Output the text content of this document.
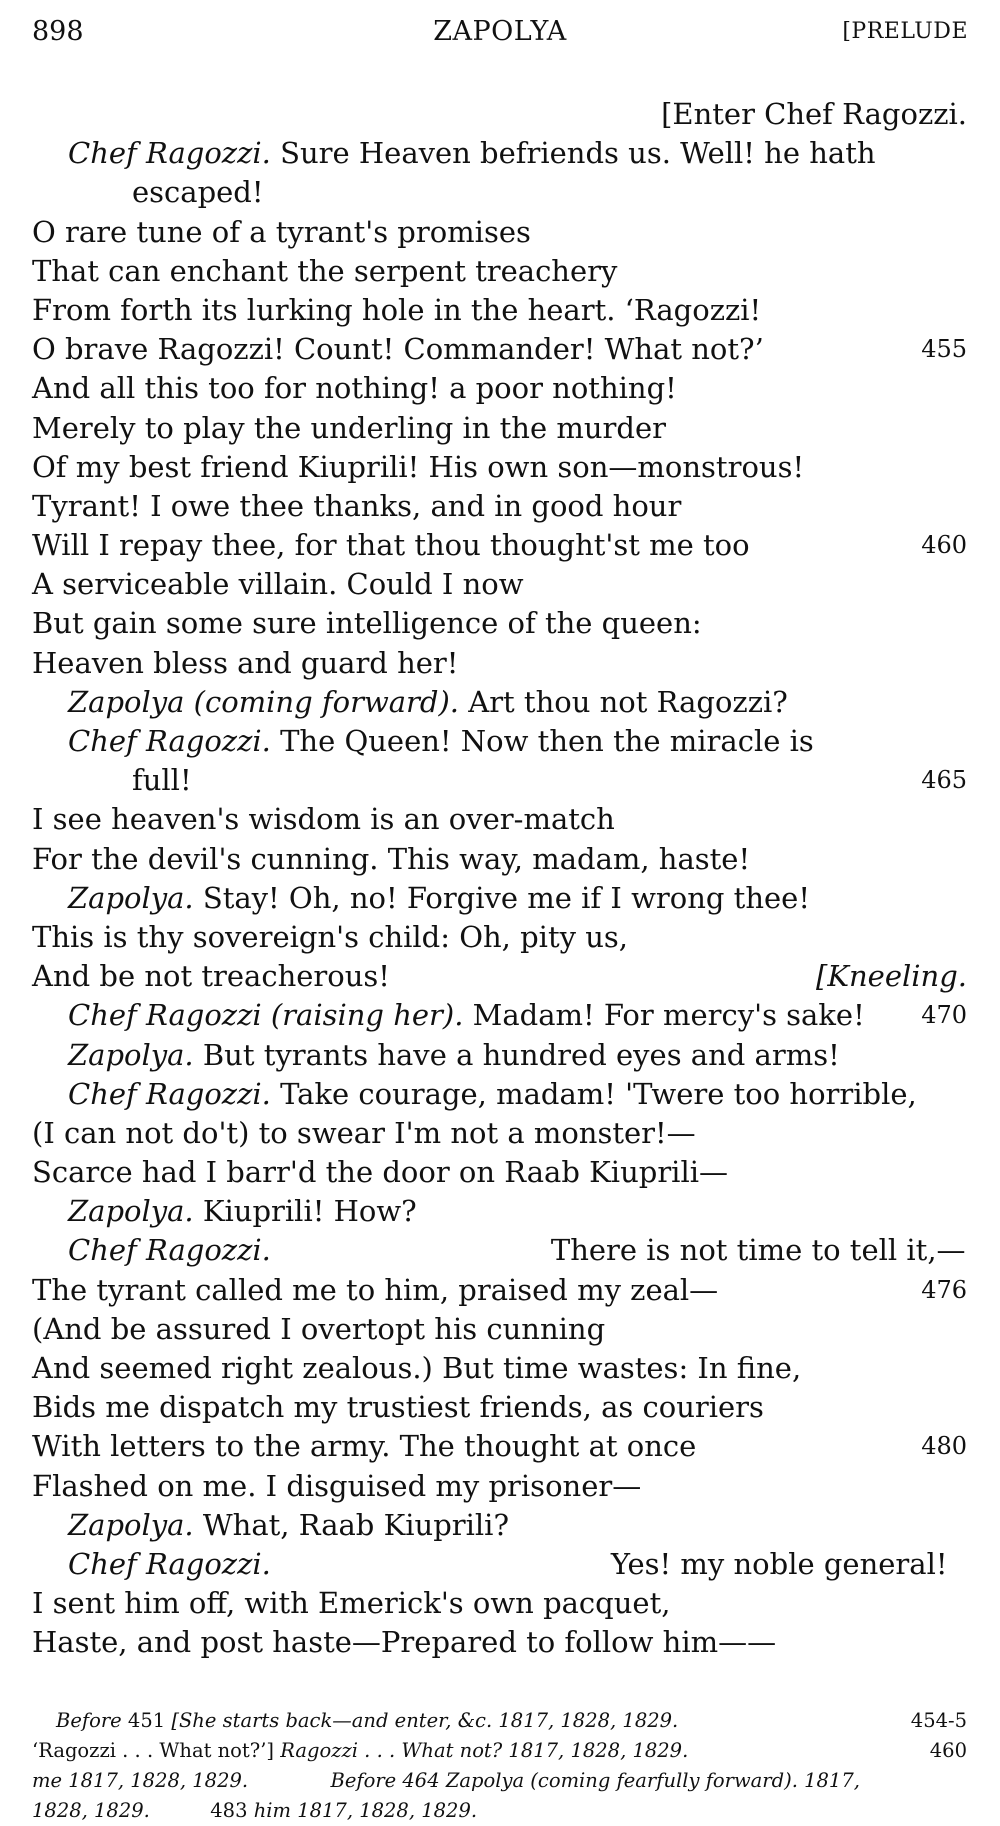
898	ZAPOLYA	[PRELUDE
[Enter Chef Ragozzi.
Chef Ragozzi. Sure Heaven befriends us. Well! he hath
escaped!
O rare tune of a tyrant's promises
That can enchant the serpent treachery
From forth its lurking hole in the heart. ‘Ragozzi!
O brave Ragozzi! Count! Commander! What not?’	455
And all this too for nothing! a poor nothing!
Merely to play the underling in the murder
Of my best friend Kiuprili! His own son—monstrous!
Tyrant! I owe thee thanks, and in good hour
Will I repay thee, for that thou thought'st me too	460
A serviceable villain. Could I now
But gain some sure intelligence of the queen:
Heaven bless and guard her!
Zapolya (coming forward). Art thou not Ragozzi?
Chef Ragozzi. The Queen! Now then the miracle is
full!	465
I see heaven's wisdom is an over-match
For the devil's cunning. This way, madam, haste!
Zapolya. Stay! Oh, no! Forgive me if I wrong thee!
This is thy sovereign's child: Oh, pity us,
And be not treacherous!	[Kneeling.
Chef Ragozzi (raising her). Madam! For mercy's sake! 470
Zapolya. But tyrants have a hundred eyes and arms!
Chef Ragozzi. Take courage, madam! 'Twere too horrible,
(I can not do't) to swear I'm not a monster!—
Scarce had I barr'd the door on Raab Kiuprili—
Zapolya. Kiuprili! How?
Chef Ragozzi.	There is not time to tell it,—
The tyrant called me to him, praised my zeal—	476
(And be assured I overtopt his cunning
And seemed right zealous.) But time wastes: In fine,
Bids me dispatch my trustiest friends, as couriers
With letters to the army. The thought at once	480
Flashed on me. I disguised my prisoner—
Zapolya. What, Raab Kiuprili?
Chef Ragozzi.	Yes! my noble general!
I sent him off, with Emerick's own pacquet,
Haste, and post haste—Prepared to follow him——
Before 451 [She starts back—and enter, &c. 1817, 1828, 1829.	454-5
‘Ragozzi . . . What not?’] Ragozzi . . . What not? 1817, 1828, 1829.	460
me 1817, 1828, 1829.	Before 464 Zapolya (coming fearfully forward). 1817,
1828, 1829.	483 him 1817, 1828, 1829.
